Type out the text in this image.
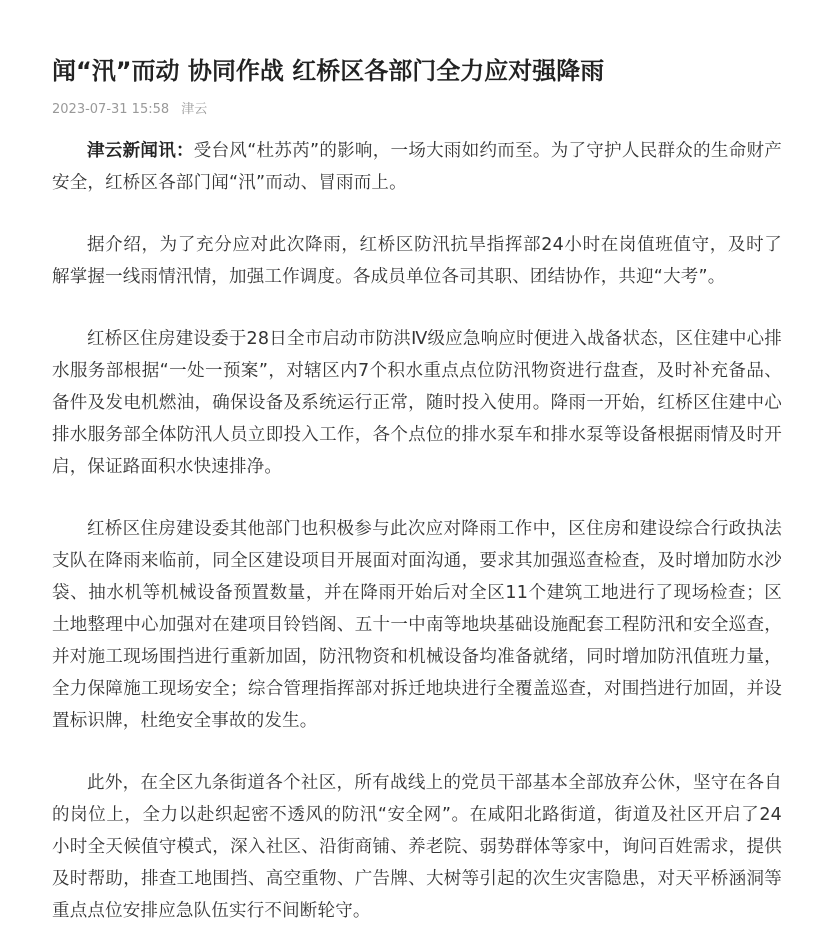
闻“汛”而动 协同作战 红桥区各部门全力应对强降雨
2023-07-31 15:58 津云

津云新闻讯：受台风“杜苏芮”的影响，一场大雨如约而至。为了守护人民群众的生命财产安全，红桥区各部门闻“汛”而动、冒雨而上。

据介绍，为了充分应对此次降雨，红桥区防汛抗旱指挥部24小时在岗值班值守，及时了解掌握一线雨情汛情，加强工作调度。各成员单位各司其职、团结协作，共迎“大考”。

红桥区住房建设委于28日全市启动市防洪Ⅳ级应急响应时便进入战备状态，区住建中心排水服务部根据“一处一预案”，对辖区内7个积水重点点位防汛物资进行盘查，及时补充备品、备件及发电机燃油，确保设备及系统运行正常，随时投入使用。降雨一开始，红桥区住建中心排水服务部全体防汛人员立即投入工作，各个点位的排水泵车和排水泵等设备根据雨情及时开启，保证路面积水快速排净。

红桥区住房建设委其他部门也积极参与此次应对降雨工作中，区住房和建设综合行政执法支队在降雨来临前，同全区建设项目开展面对面沟通，要求其加强巡查检查，及时增加防水沙袋、抽水机等机械设备预置数量，并在降雨开始后对全区11个建筑工地进行了现场检查；区土地整理中心加强对在建项目铃铛阁、五十一中南等地块基础设施配套工程防汛和安全巡查，并对施工现场围挡进行重新加固，防汛物资和机械设备均准备就绪，同时增加防汛值班力量，全力保障施工现场安全；综合管理指挥部对拆迁地块进行全覆盖巡查，对围挡进行加固，并设置标识牌，杜绝安全事故的发生。

此外，在全区九条街道各个社区，所有战线上的党员干部基本全部放弃公休，坚守在各自的岗位上，全力以赴织起密不透风的防汛“安全网”。在咸阳北路街道，街道及社区开启了24小时全天候值守模式，深入社区、沿街商铺、养老院、弱势群体等家中，询问百姓需求，提供及时帮助，排查工地围挡、高空重物、广告牌、大树等引起的次生灾害隐患，对天平桥涵洞等重点点位安排应急队伍实行不间断轮守。
